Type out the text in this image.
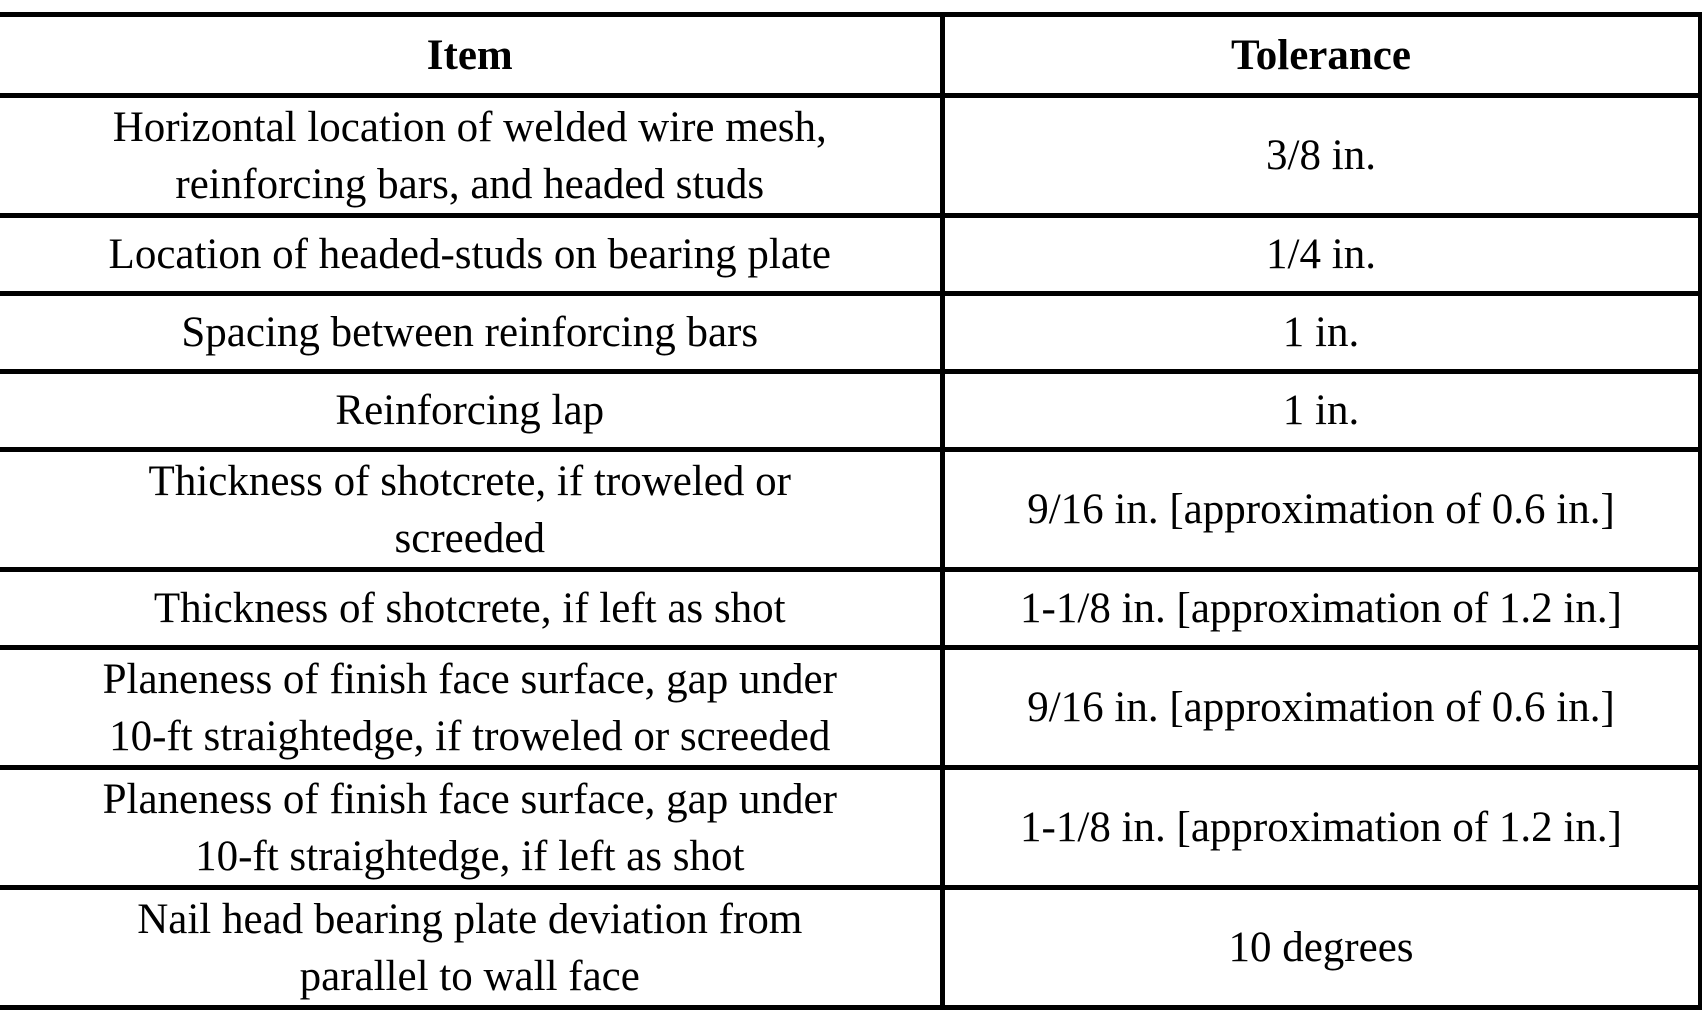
Item	Tolerance
Horizontal location of welded wire mesh,
reinforcing bars, and headed studs	3/8 in.
Location of headed-studs on bearing plate	1/4 in.
Spacing between reinforcing bars	1 in.
Reinforcing lap	1 in.
Thickness of shotcrete, if troweled or
screeded	9/16 in. [approximation of 0.6 in.]
Thickness of shotcrete, if left as shot	1-1/8 in. [approximation of 1.2 in.]
Planeness of finish face surface, gap under
10-ft straightedge, if troweled or screeded	9/16 in. [approximation of 0.6 in.]
Planeness of finish face surface, gap under
10-ft straightedge, if left as shot	1-1/8 in. [approximation of 1.2 in.]
Nail head bearing plate deviation from
parallel to wall face	10 degrees
